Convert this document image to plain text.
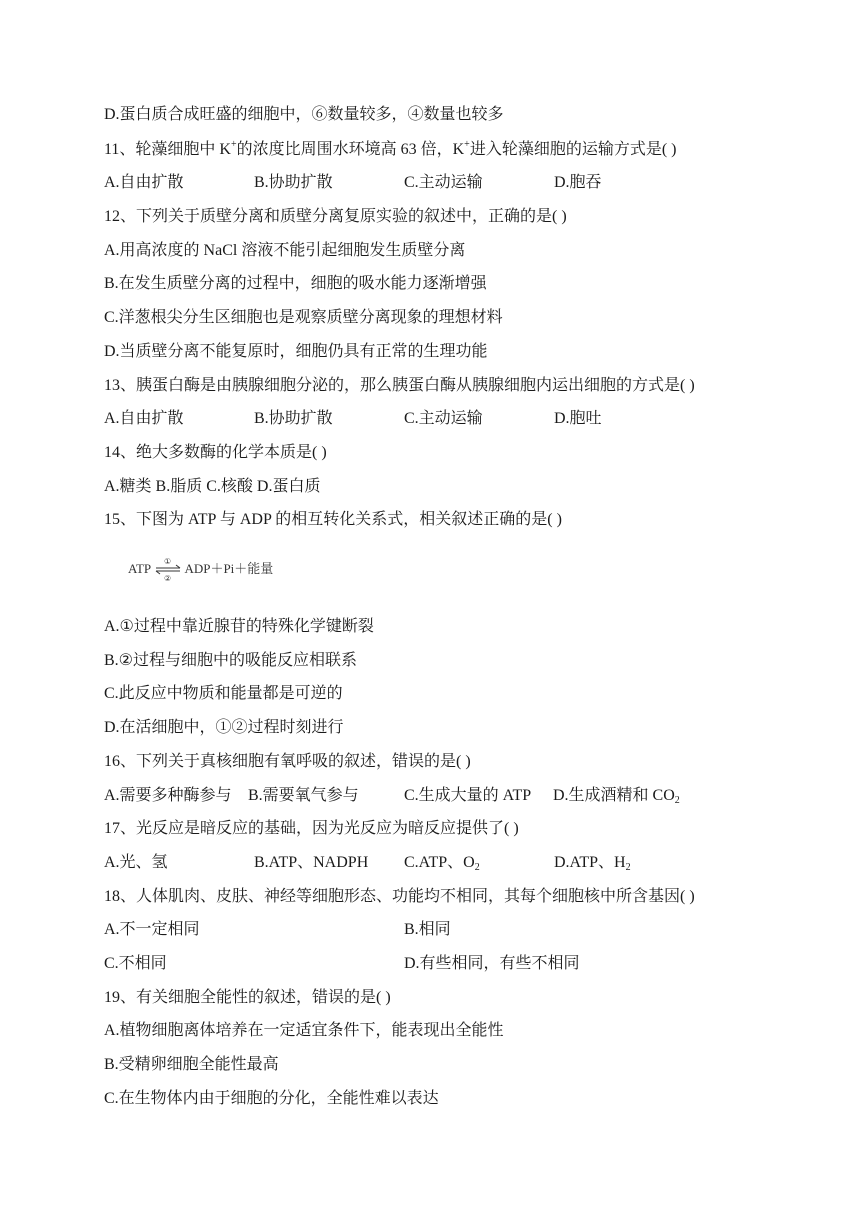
D.蛋白质合成旺盛的细胞中，⑥数量较多，④数量也较多
11、轮藻细胞中 K+的浓度比周围水环境高 63 倍，K+进入轮藻细胞的运输方式是( )
A.自由扩散	B.协助扩散	C.主动运输	D.胞吞
12、下列关于质壁分离和质壁分离复原实验的叙述中，正确的是( )
A.用高浓度的 NaCl 溶液不能引起细胞发生质壁分离
B.在发生质壁分离的过程中，细胞的吸水能力逐渐增强
C.洋葱根尖分生区细胞也是观察质壁分离现象的理想材料
D.当质壁分离不能复原时，细胞仍具有正常的生理功能
13、胰蛋白酶是由胰腺细胞分泌的，那么胰蛋白酶从胰腺细胞内运出细胞的方式是( )
A.自由扩散	B.协助扩散	C.主动运输	D.胞吐
14、绝大多数酶的化学本质是( )
A.糖类 B.脂质 C.核酸 D.蛋白质
15、下图为 ATP 与 ADP 的相互转化关系式，相关叙述正确的是( )
ATP ①
②
ADP＋Pi＋能量
A.①过程中靠近腺苷的特殊化学键断裂
B.②过程与细胞中的吸能反应相联系
C.此反应中物质和能量都是可逆的
D.在活细胞中，①②过程时刻进行
16、下列关于真核细胞有氧呼吸的叙述，错误的是( )
A.需要多种酶参与 B.需要氧气参与	C.生成大量的 ATP D.生成酒精和 $CO_2$
17、光反应是暗反应的基础，因为光反应为暗反应提供了( )
A.光、氢	B.ATP、NADPH C.ATP、$O_2$	D.ATP、$H_2$
18、人体肌肉、皮肤、神经等细胞形态、功能均不相同，其每个细胞核中所含基因( )
A.不一定相同	B.相同
C.不相同	D.有些相同，有些不相同
19、有关细胞全能性的叙述，错误的是( )
A.植物细胞离体培养在一定适宜条件下，能表现出全能性
B.受精卵细胞全能性最高
C.在生物体内由于细胞的分化，全能性难以表达
